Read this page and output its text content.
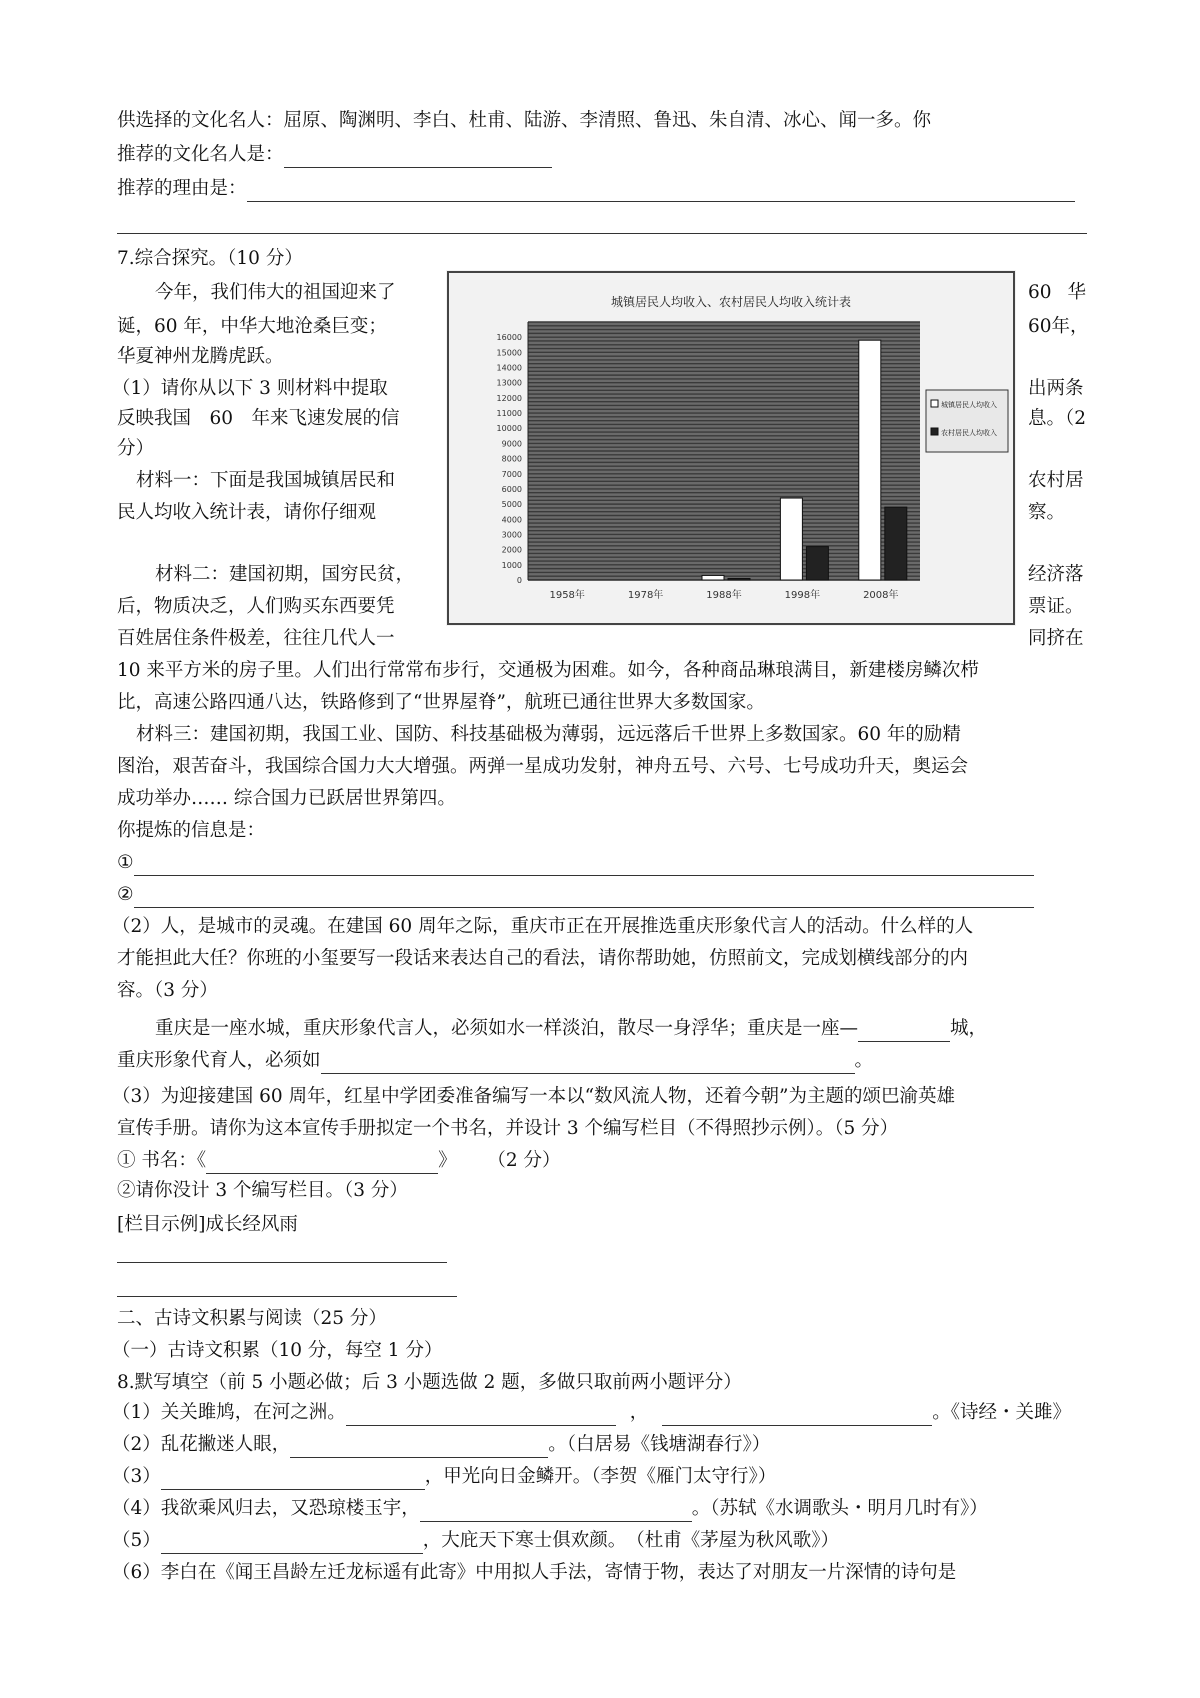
供选择的文化名人：屈原、陶渊明、李白、杜甫、陆游、李清照、鲁迅、朱自清、冰心、闻一多。你
推荐的文化名人是：
推荐的理由是：
7.综合探究。（10 分）
今年，我们伟大的祖国迎来了
诞，60 年，中华大地沧桑巨变；
华夏神州龙腾虎跃。
（1）请你从以下 3 则材料中提取
反映我国　60　年来飞速发展的信
分）
材料一：下面是我国城镇居民和
民人均收入统计表，请你仔细观
材料二：建国初期，国穷民贫，
后，物质决乏，人们购买东西要凭
百姓居住条件极差，往往几代人一
60 华
60年，
出两条
息。（2
农村居
察。
经济落
票证。
同挤在
城镇居民人均收入、农村居民人均收入统计表
0
1000
2000
3000
4000
5000
6000
7000
8000
9000
10000
11000
12000
13000
14000
15000
16000
1958年	1978年	1988年	1998年	2008年
城镇居民人均收入
农村居民人均收入
10 来平方米的房子里。人们出行常常布步行，交通极为困难。如今，各种商品琳琅满目，新建楼房鳞次栉
比，高速公路四通八达，铁路修到了“世界屋脊”，航班已通往世界大多数国家。
材料三：建国初期，我国工业、国防、科技基础极为薄弱，远远落后千世界上多数国家。60 年的励精
图治，艰苦奋斗，我国综合国力大大增强。两弹一星成功发射，神舟五号、六号、七号成功升天，奥运会
成功举办…… 综合国力已跃居世界第四。
你提炼的信息是：
①
②
（2）人，是城市的灵魂。在建国 60 周年之际，重庆市正在开展推选重庆形象代言人的活动。什么样的人
才能担此大任？你班的小玺要写一段话来表达自己的看法，请你帮助她，仿照前文，完成划横线部分的内
容。（3 分）
重庆是一座水城，重庆形象代言人，必须如水一样淡泊，散尽一身浮华；重庆是一座—	城，
重庆形象代育人，必须如	。
（3）为迎接建国 60 周年，红星中学团委准备编写一本以“数风流人物，还着今朝”为主题的颂巴渝英雄
宣传手册。请你为这本宣传手册拟定一个书名，并设计 3 个编写栏目（不得照抄示例）。（5 分）
① 书名：《	》 （2 分）
②请你没计 3 个编写栏目。（3 分）
[栏目示例]成长经风雨
二、古诗文积累与阅读（25 分）
（一）古诗文积累（10 分，每空 1 分）
8.默写填空（前 5 小题必做；后 3 小题选做 2 题，多做只取前两小题评分）
（1）关关雎鸠，在河之洲。	，	。《诗经・关雎》
（2）乱花撇迷人眼，	。（白居易《钱塘湖春行》）
（3）	，甲光向日金鳞开。（李贺《雁门太守行》）
（4）我欲乘风归去，又恐琼楼玉宇，	。（苏轼《水调歌头・明月几时有》）
（5）	，大庇天下寒士俱欢颜。　（杜甫《茅屋为秋风歌》）
（6）李白在《闻王昌龄左迁龙标遥有此寄》中用拟人手法，寄情于物，表达了对朋友一片深情的诗句是
